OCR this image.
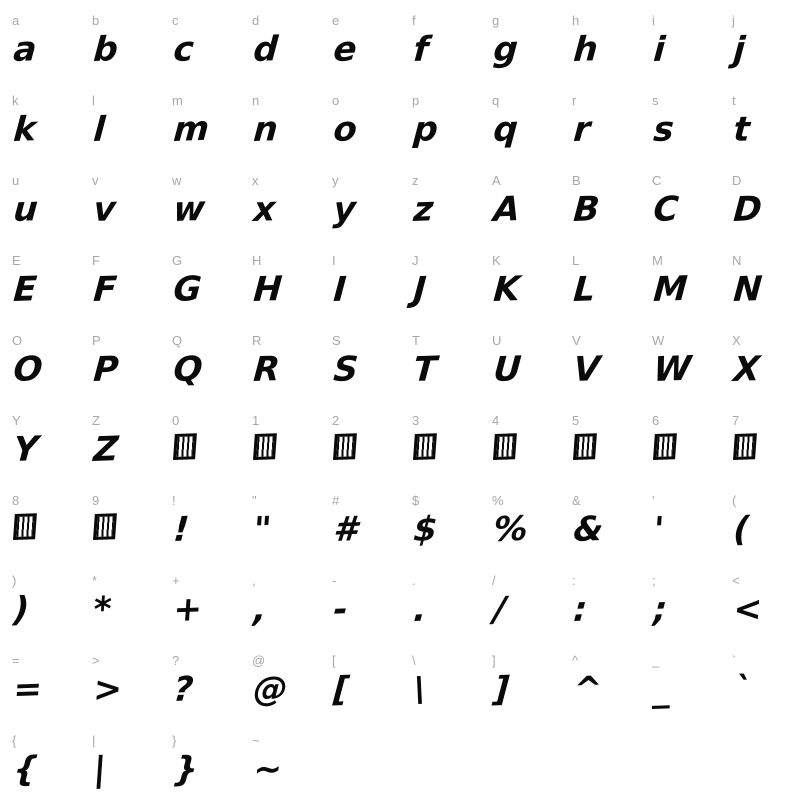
a
a
b
b
c
c
d
d
e
e
f
f
g
g
h
h
i
i
j
j
k
k
l
l
m
m
n
n
o
o
p
p
q
q
r
r
s
s
t
t
u
u
v
v
w
w
x
x
y
y
z
z
A
A
B
B
C
C
D
D
E
E
F
F
G
G
H
H
I
I
J
J
K
K
L
L
M
M
N
N
O
O
P
P
Q
Q
R
R
S
S
T
T
U
U
V
V
W
W
X
X
Y
Y
Z
Z
0	1	2	3	4	5	6	7
8	9	!
!
"
"
#
#
$
$
%
%
&
&
'
'
(
(
)
)
*
*
+
+
,
,
-
-
.
.
/
/
:
:
;
;
<
<
=
=
>
>
?
?
@
@
[
[
\
\
]
]
^
^
_
_
`
`
{
{
|
|
}
}
~
~
